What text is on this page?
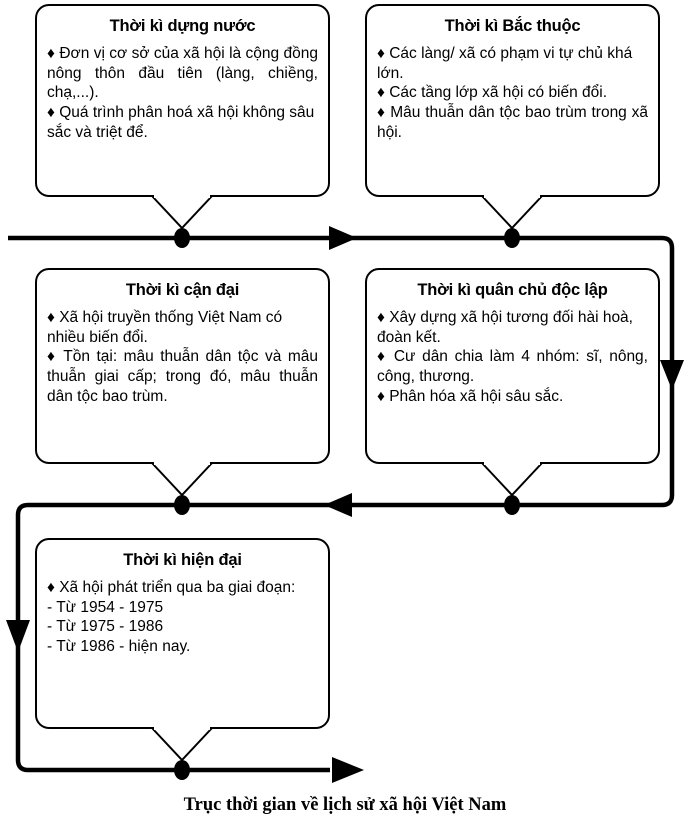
Thời kì dựng nước

♦ Đơn vị cơ sở của xã hội là cộng đồng nông thôn đầu tiên (làng, chiềng, chạ,...).

♦ Quá trình phân hoá xã hội không sâu sắc và triệt để.

Thời kì Bắc thuộc

♦ Các làng/ xã có phạm vi tự chủ khá lớn.

♦ Các tầng lớp xã hội có biến đổi.

♦ Mâu thuẫn dân tộc bao trùm trong xã hội.

Thời kì cận đại

♦ Xã hội truyền thống Việt Nam có nhiều biến đổi.

♦ Tồn tại: mâu thuẫn dân tộc và mâu thuẫn giai cấp; trong đó, mâu thuẫn dân tộc bao trùm.

Thời kì quân chủ độc lập

♦ Xây dựng xã hội tương đối hài hoà, đoàn kết.

♦ Cư dân chia làm 4 nhóm: sĩ, nông, công, thương.

♦ Phân hóa xã hội sâu sắc.

Thời kì hiện đại

♦ Xã hội phát triển qua ba giai đoạn:

- Từ 1954 - 1975

- Từ 1975 - 1986

- Từ 1986 - hiện nay.

Trục thời gian về lịch sử xã hội Việt Nam
